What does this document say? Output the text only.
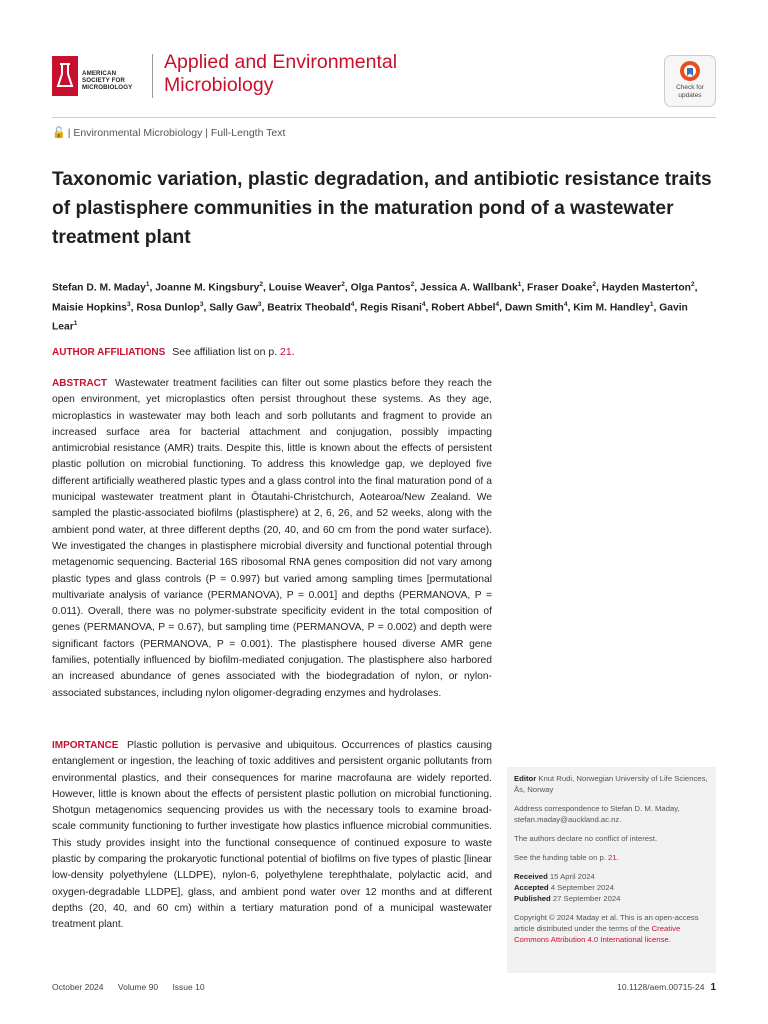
AMERICAN
SOCIETY FOR
MICROBIOLOGY
Applied and Environmental
Microbiology	Check for
updates
🔓 | Environmental Microbiology | Full-Length Text
Taxonomic variation, plastic degradation, and antibiotic resistance traits of plastisphere communities in the maturation pond of a wastewater treatment plant
Stefan D. M. Maday$^1$, Joanne M. Kingsbury$^2$, Louise Weaver$^2$, Olga Pantos$^2$, Jessica A. Wallbank$^1$, Fraser Doake$^2$, Hayden Masterton$^2$, Maisie Hopkins$^3$, Rosa Dunlop$^3$, Sally Gaw$^3$, Beatrix Theobald$^4$, Regis Risani$^4$, Robert Abbel$^4$, Dawn Smith$^4$, Kim M. Handley$^1$, Gavin Lear$^1$
AUTHOR AFFILIATIONS See affiliation list on p. 21.

ABSTRACT Wastewater treatment facilities can filter out some plastics before they reach the open environment, yet microplastics often persist throughout these systems. As they age, microplastics in wastewater may both leach and sorb pollutants and fragment to provide an increased surface area for bacterial attachment and conjugation, possibly impacting antimicrobial resistance (AMR) traits. Despite this, little is known about the effects of persistent plastic pollution on microbial functioning. To address this knowledge gap, we deployed five different artificially weathered plastic types and a glass control into the final maturation pond of a municipal wastewater treatment plant in Ōtautahi-Christchurch, Aotearoa/New Zealand. We sampled the plastic-associated biofilms (plastisphere) at 2, 6, 26, and 52 weeks, along with the ambient pond water, at three different depths (20, 40, and 60 cm from the pond water surface). We investigated the changes in plastisphere microbial diversity and functional potential through metagenomic sequencing. Bacterial 16S ribosomal RNA genes composition did not vary among plastic types and glass controls (P = 0.997) but varied among sampling times [permutational multivariate analysis of variance (PERMANOVA), P = 0.001] and depths (PERMANOVA, P = 0.011). Overall, there was no polymer-substrate specificity evident in the total composition of genes (PERMANOVA, P = 0.67), but sampling time (PERMANOVA, P = 0.002) and depth were significant factors (PERMANOVA, P = 0.001). The plastisphere housed diverse AMR gene families, potentially influenced by biofilm-mediated conjugation. The plastisphere also harbored an increased abundance of genes associated with the biodegradation of nylon, or nylon-associated substances, including nylon oligomer-degrading enzymes and hydrolases.

IMPORTANCE Plastic pollution is pervasive and ubiquitous. Occurrences of plastics causing entanglement or ingestion, the leaching of toxic additives and persistent organic pollutants from environmental plastics, and their consequences for marine macrofauna are widely reported. However, little is known about the effects of persistent plastic pollution on microbial functioning. Shotgun metagenomics sequencing provides us with the necessary tools to examine broad-scale community functioning to further investigate how plastics influence microbial communities. This study provides insight into the functional consequence of continued exposure to waste plastic by comparing the prokaryotic functional potential of biofilms on five types of plastic [linear low-density polyethylene (LLDPE), nylon-6, polyethylene terephthalate, polylactic acid, and oxygen-degradable LLDPE], glass, and ambient pond water over 12 months and at different depths (20, 40, and 60 cm) within a tertiary maturation pond of a municipal wastewater treatment plant.

Editor Knut Rudi, Norwegian University of Life Sciences, Ås, Norway

Address correspondence to Stefan D. M. Maday, stefan.maday@auckland.ac.nz.

The authors declare no conflict of interest.

See the funding table on p. 21.

Received 15 April 2024
Accepted 4 September 2024
Published 27 September 2024

Copyright © 2024 Maday et al. This is an open-access article distributed under the terms of the Creative Commons Attribution 4.0 International license.

October 2024 Volume 90 Issue 10	10.1128/aem.00715-24 1
